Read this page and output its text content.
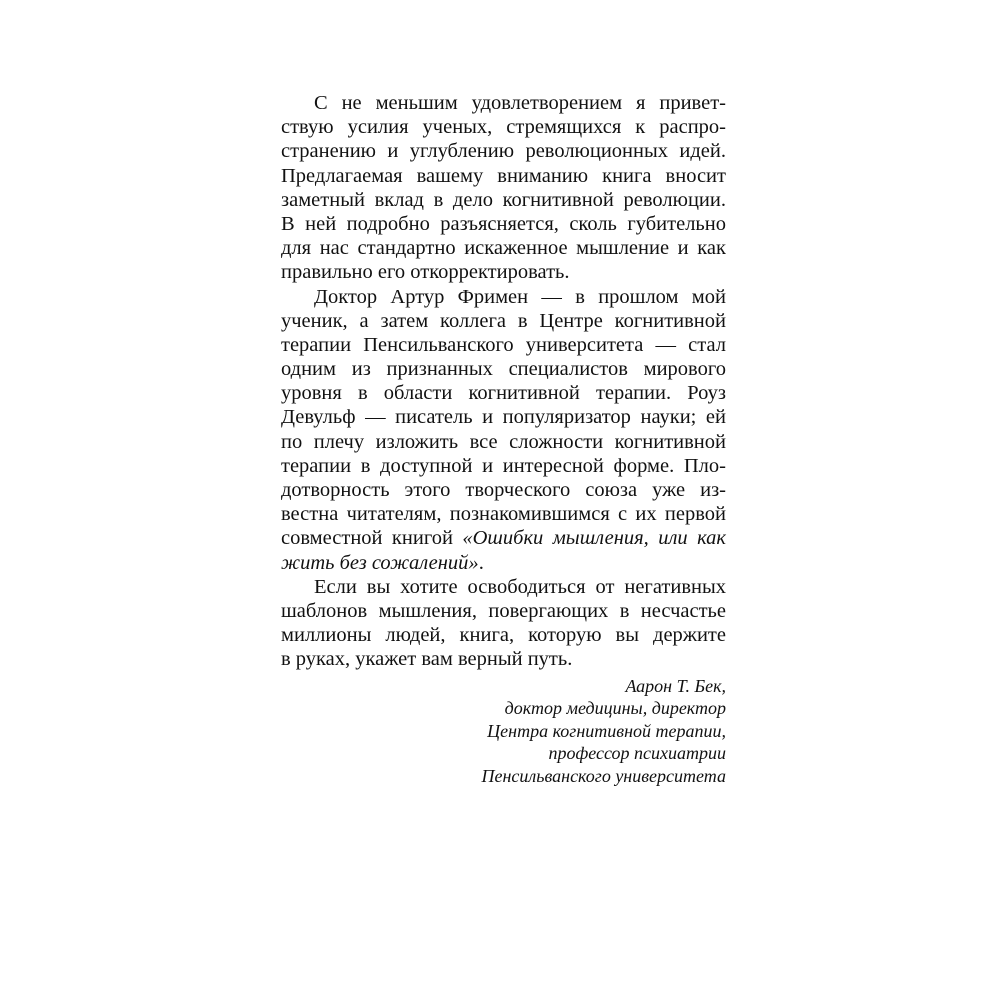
С не меньшим удовлетворением я привет-
ствую усилия ученых, стремящихся к распро-
странению и углублению революционных идей.
Предлагаемая вашему вниманию книга вносит
заметный вклад в дело когнитивной революции.
В ней подробно разъясняется, сколь губительно
для нас стандартно искаженное мышление и как
правильно его откорректировать.
Доктор Артур Фримен — в прошлом мой
ученик, а затем коллега в Центре когнитивной
терапии Пенсильванского университета — стал
одним из признанных специалистов мирового
уровня в области когнитивной терапии. Роуз
Девульф — писатель и популяризатор науки; ей
по плечу изложить все сложности когнитивной
терапии в доступной и интересной форме. Пло-
дотворность этого творческого союза уже из-
вестна читателям, познакомившимся с их первой
совместной книгой «Ошибки мышления, или как
жить без сожалений».
Если вы хотите освободиться от негативных
шаблонов мышления, повергающих в несчастье
миллионы людей, книга, которую вы держите
в руках, укажет вам верный путь.
Аарон Т. Бек,
доктор медицины, директор
Центра когнитивной терапии,
профессор психиатрии
Пенсильванского университета
